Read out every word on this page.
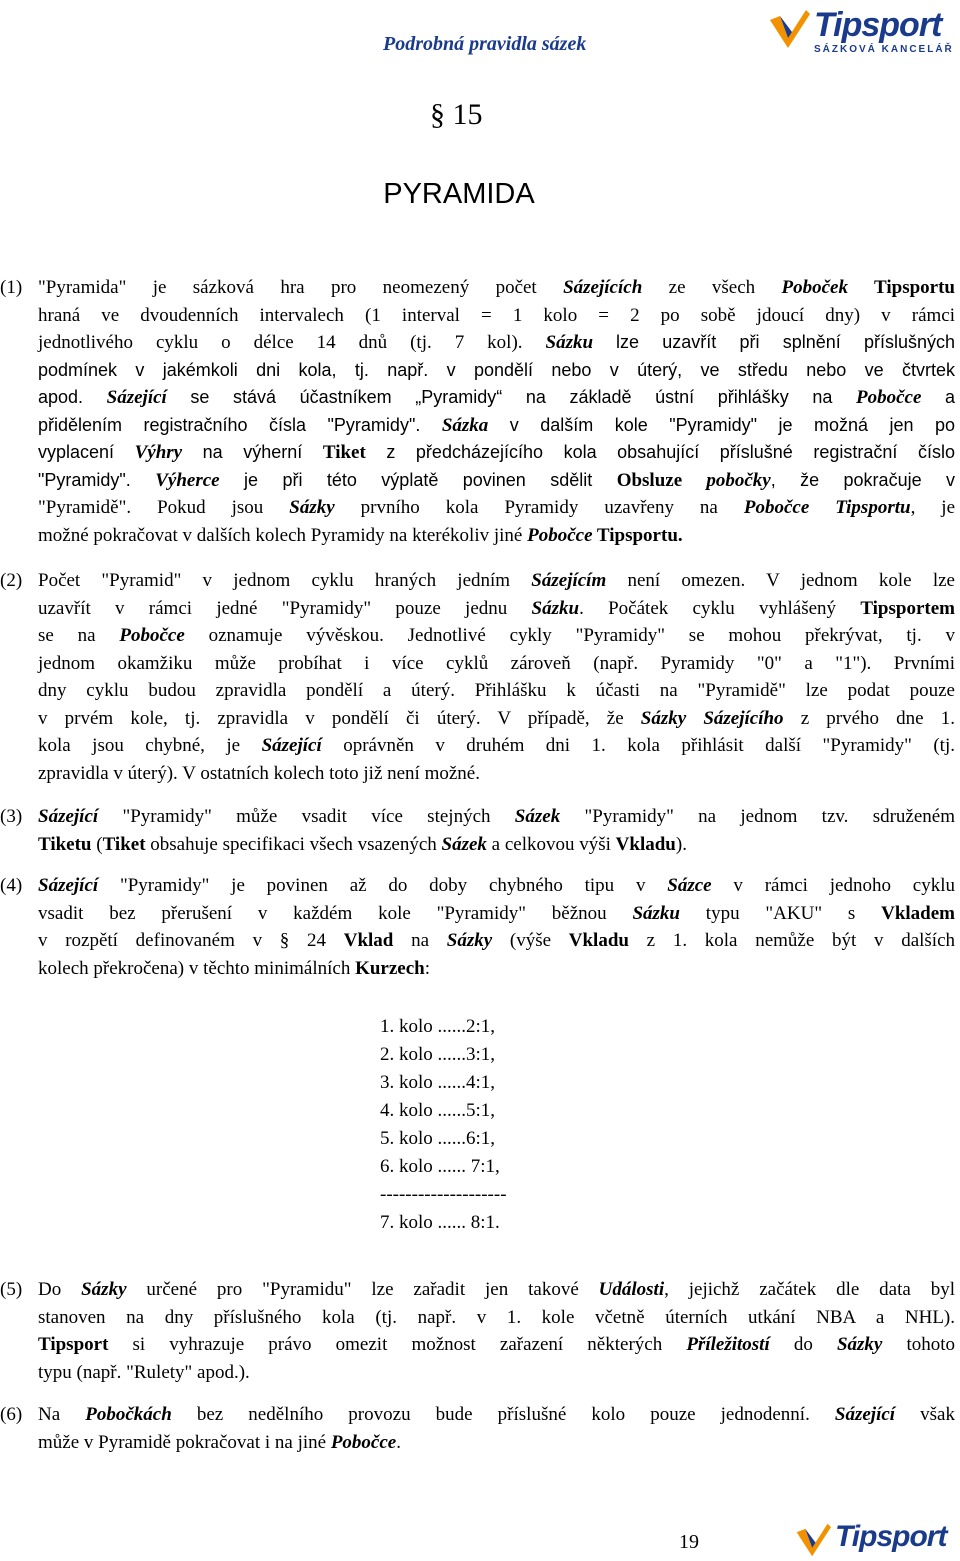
Podrobná pravidla sázek	Tipsport
SÁZKOVÁ KANCELÁŘ
§ 15
PYRAMIDA
(1) "Pyramida" je sázková hra pro neomezený počet Sázejících ze všech Poboček Tipsportu
hraná ve dvoudenních intervalech (1 interval = 1 kolo = 2 po sobě jdoucí dny) v rámci
jednotlivého cyklu o délce 14 dnů (tj. 7 kol). Sázku lze uzavřít při splnění příslušných
podmínek v jakémkoli dni kola, tj. např. v pondělí nebo v úterý, ve středu nebo ve čtvrtek
apod. Sázející se stává účastníkem „Pyramidy“ na základě ústní přihlášky na Pobočce a
přidělením registračního čísla "Pyramidy". Sázka v dalším kole "Pyramidy" je možná jen po
vyplacení Výhry na výherní Tiket z předcházejícího kola obsahující příslušné registrační číslo
"Pyramidy". Výherce je při této výplatě povinen sdělit Obsluze pobočky, že pokračuje v
"Pyramidě". Pokud jsou Sázky prvního kola Pyramidy uzavřeny na Pobočce Tipsportu, je
možné pokračovat v dalších kolech Pyramidy na kterékoliv jiné Pobočce Tipsportu.
(2) Počet "Pyramid" v jednom cyklu hraných jedním Sázejícím není omezen. V jednom kole lze
uzavřít v rámci jedné "Pyramidy" pouze jednu Sázku. Počátek cyklu vyhlášený Tipsportem
se na Pobočce oznamuje vývěskou. Jednotlivé cykly "Pyramidy" se mohou překrývat, tj. v
jednom okamžiku může probíhat i více cyklů zároveň (např. Pyramidy "0" a "1"). Prvními
dny cyklu budou zpravidla pondělí a úterý. Přihlášku k účasti na "Pyramidě" lze podat pouze
v prvém kole, tj. zpravidla v pondělí či úterý. V případě, že Sázky Sázejícího z prvého dne 1.
kola jsou chybné, je Sázející oprávněn v druhém dni 1. kola přihlásit další "Pyramidy" (tj.
zpravidla v úterý). V ostatních kolech toto již není možné.
(3) Sázející "Pyramidy" může vsadit více stejných Sázek "Pyramidy" na jednom tzv. sdruženém
Tiketu (Tiket obsahuje specifikaci všech vsazených Sázek a celkovou výši Vkladu).
(4) Sázející "Pyramidy" je povinen až do doby chybného tipu v Sázce v rámci jednoho cyklu
vsadit bez přerušení v každém kole "Pyramidy" běžnou Sázku typu "AKU" s Vkladem
v rozpětí definovaném v § 24 Vklad na Sázky (výše Vkladu z 1. kola nemůže být v dalších
kolech překročena) v těchto minimálních Kurzech:
1. kolo ......2:1,
2. kolo ......3:1,
3. kolo ......4:1,
4. kolo ......5:1,
5. kolo ......6:1,
6. kolo ...... 7:1,
--------------------
7. kolo ...... 8:1.
(5) Do Sázky určené pro "Pyramidu" lze zařadit jen takové Události, jejichž začátek dle data byl
stanoven na dny příslušného kola (tj. např. v 1. kole včetně úterních utkání NBA a NHL).
Tipsport si vyhrazuje právo omezit možnost zařazení některých Příležitostí do Sázky tohoto
typu (např. "Rulety" apod.).
(6) Na Pobočkách bez nedělního provozu bude příslušné kolo pouze jednodenní. Sázející však
může v Pyramidě pokračovat i na jiné Pobočce.
19	Tipsport
